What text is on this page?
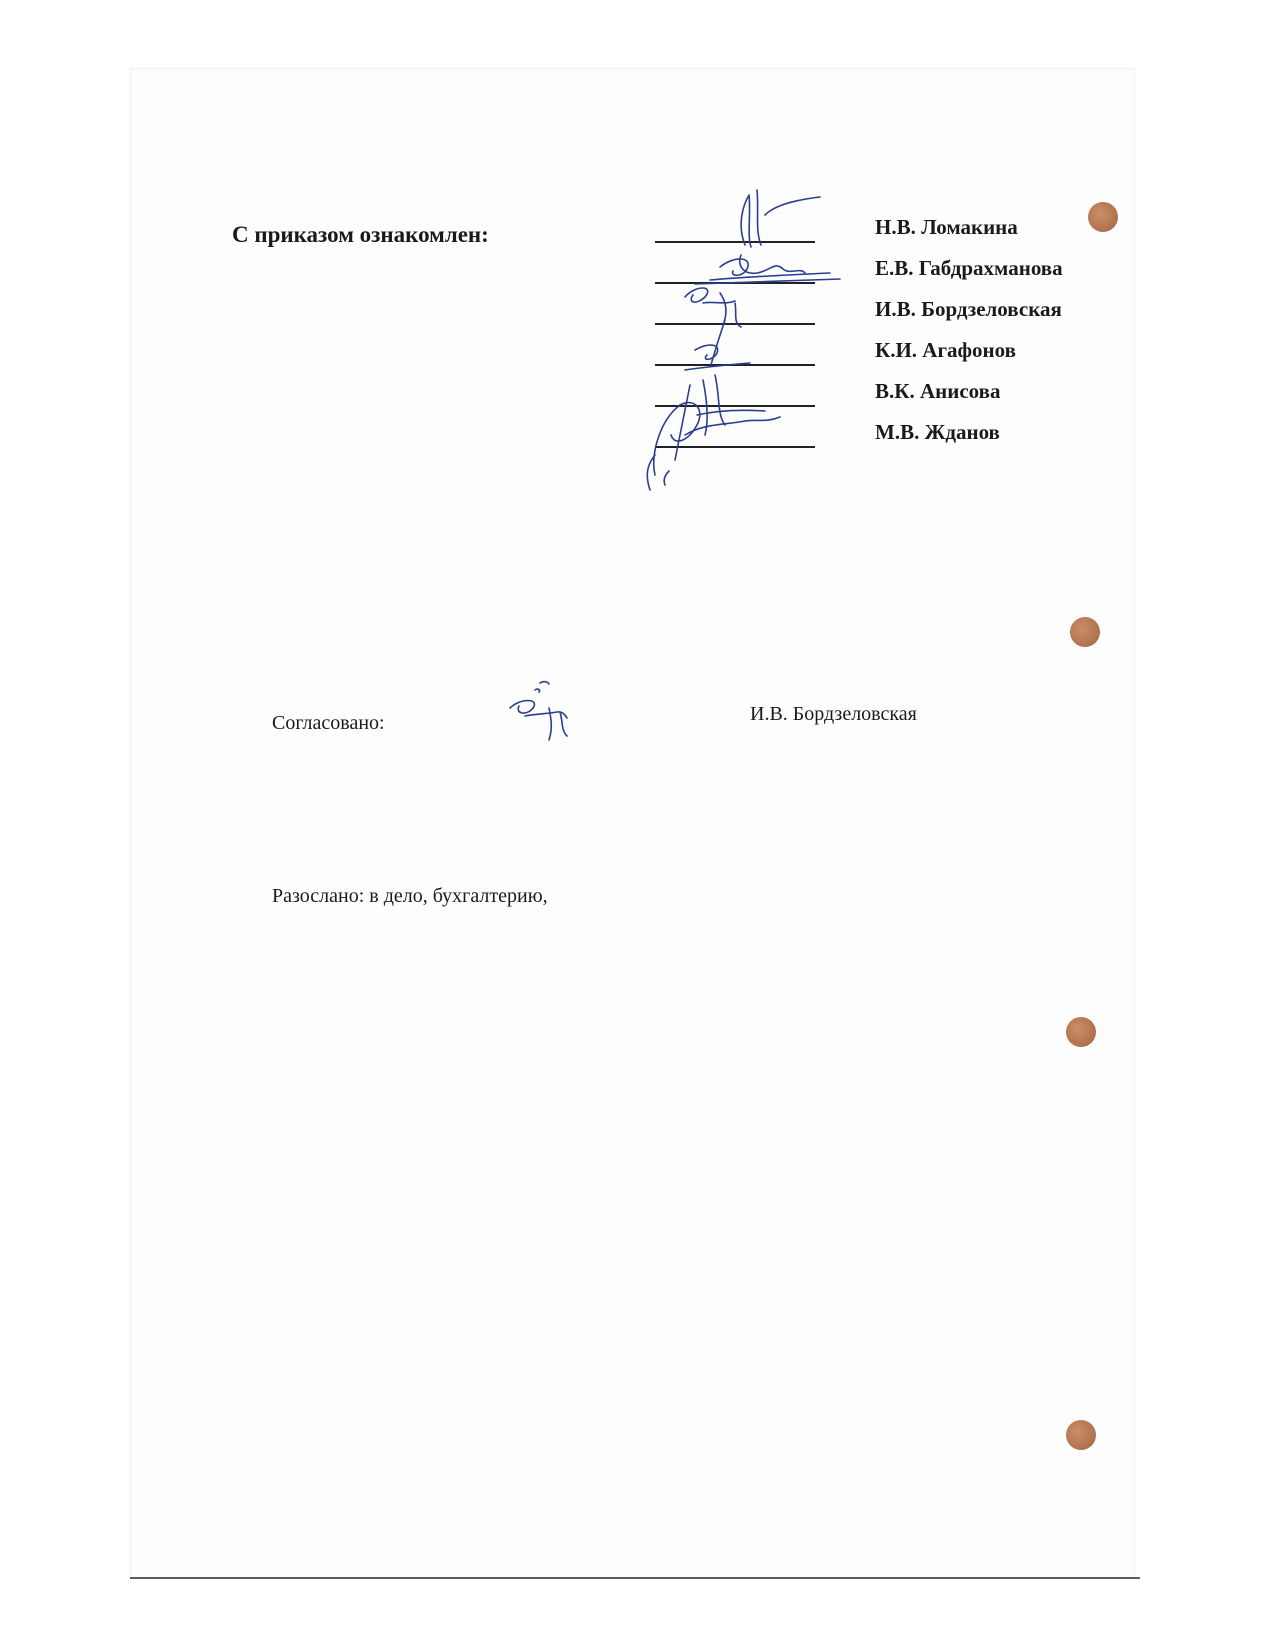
С приказом ознакомлен:	Н.В. Ломакина
Е.В. Габдрахманова
И.В. Бордзеловская
К.И. Агафонов
В.К. Анисова
М.В. Жданов
Согласовано:	И.В. Бордзеловская
Разослано: в дело, бухгалтерию,
